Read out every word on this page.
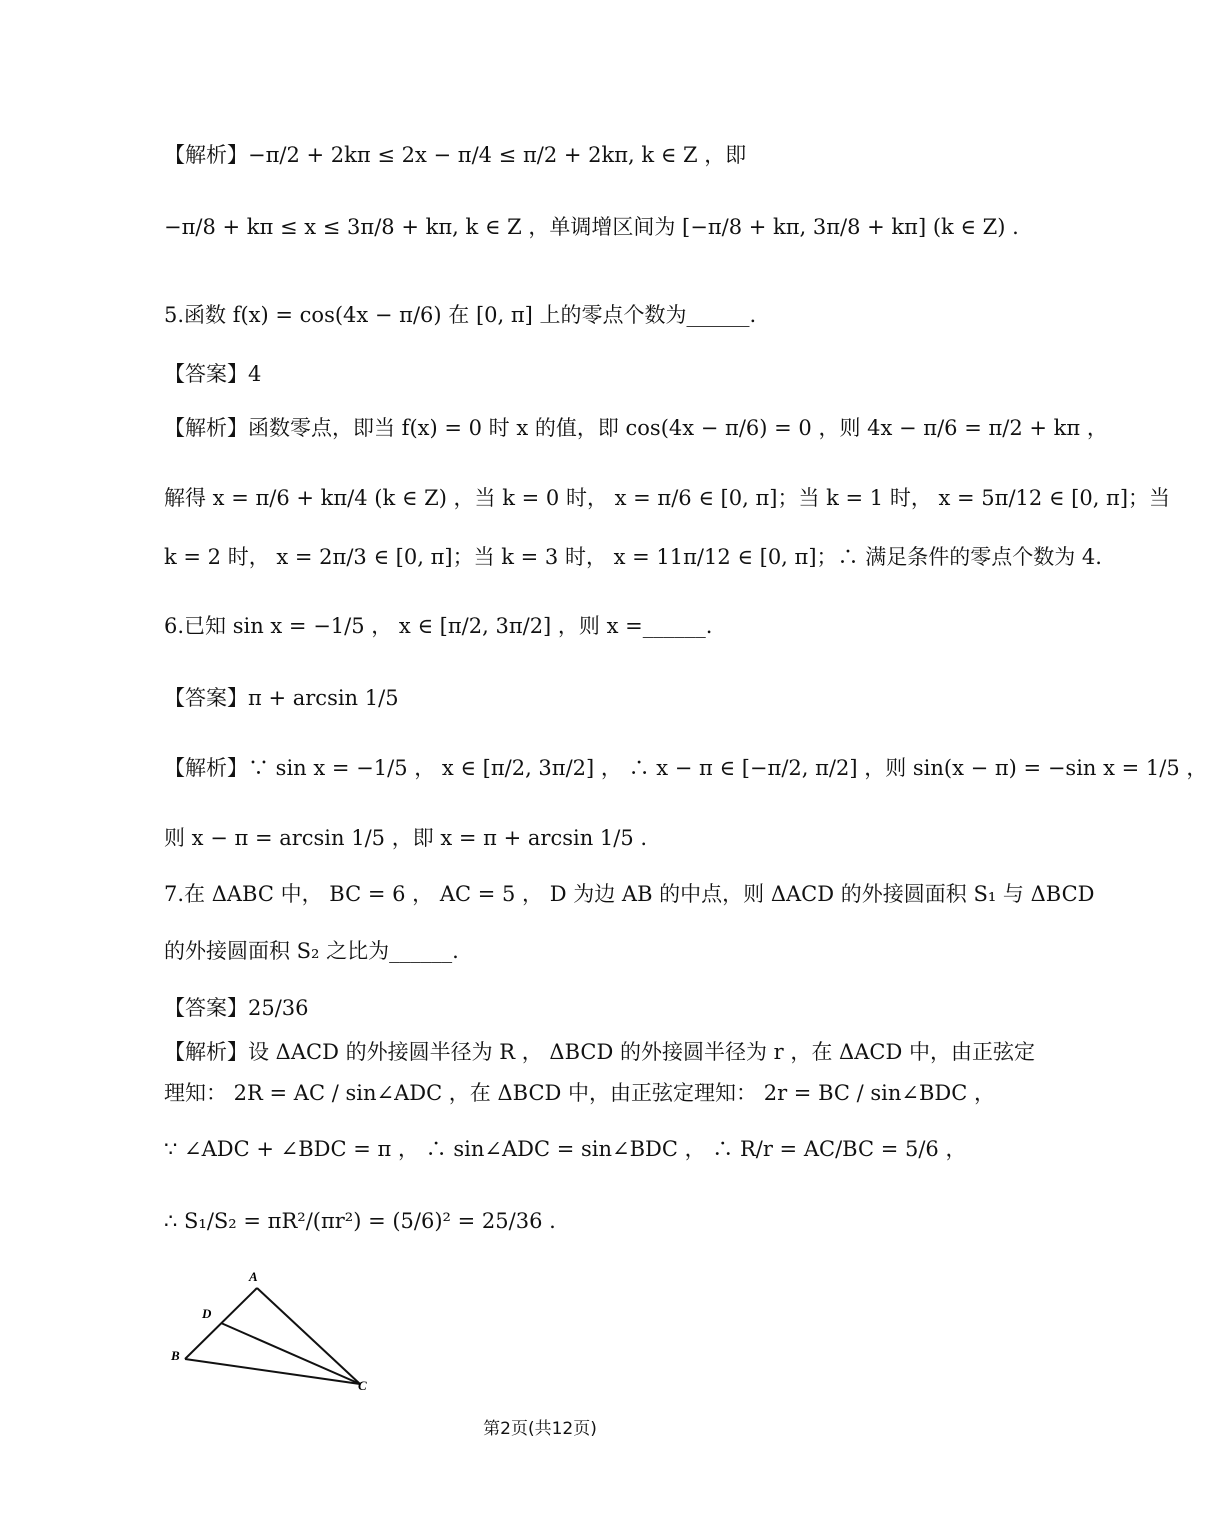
【解析】−π/2 + 2kπ ≤ 2x − π/4 ≤ π/2 + 2kπ, k ∈ Z ，即
−π/8 + kπ ≤ x ≤ 3π/8 + kπ, k ∈ Z ，单调增区间为 [−π/8 + kπ, 3π/8 + kπ] (k ∈ Z) .
5.函数 f(x) = cos(4x − π/6) 在 [0, π] 上的零点个数为______.
【答案】4
【解析】函数零点，即当 f(x) = 0 时 x 的值，即 cos(4x − π/6) = 0 ，则 4x − π/6 = π/2 + kπ ，
解得 x = π/6 + kπ/4 (k ∈ Z) ，当 k = 0 时， x = π/6 ∈ [0, π]；当 k = 1 时， x = 5π/12 ∈ [0, π]；当
k = 2 时， x = 2π/3 ∈ [0, π]；当 k = 3 时， x = 11π/12 ∈ [0, π]；∴ 满足条件的零点个数为 4.
6.已知 sin x = −1/5 ， x ∈ [π/2, 3π/2] ，则 x =______.
【答案】π + arcsin 1/5
【解析】∵ sin x = −1/5 ， x ∈ [π/2, 3π/2] ， ∴ x − π ∈ [−π/2, π/2] ，则 sin(x − π) = −sin x = 1/5 ，
则 x − π = arcsin 1/5 ，即 x = π + arcsin 1/5 .
7.在 ΔABC 中， BC = 6 ， AC = 5 ， D 为边 AB 的中点，则 ΔACD 的外接圆面积 S₁ 与 ΔBCD
的外接圆面积 S₂ 之比为______.
【答案】25/36
【解析】设 ΔACD 的外接圆半径为 R ， ΔBCD 的外接圆半径为 r ，在 ΔACD 中，由正弦定
理知： 2R = AC / sin∠ADC ，在 ΔBCD 中，由正弦定理知： 2r = BC / sin∠BDC ，
∵ ∠ADC + ∠BDC = π ， ∴ sin∠ADC = sin∠BDC ， ∴ R/r = AC/BC = 5/6 ，
∴ S₁/S₂ = πR²/(πr²) = (5/6)² = 25/36 .
A
D
B
C
第2页(共12页)
